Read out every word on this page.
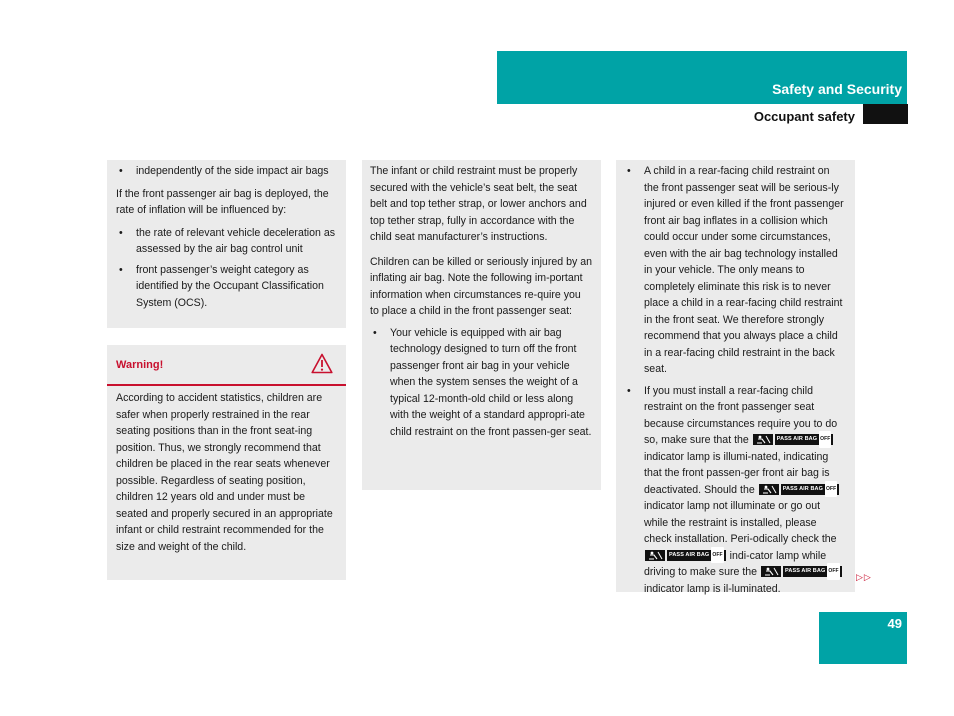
Safety and Security
Occupant safety
• independently of the side impact air bags

If the front passenger air bag is deployed, the rate of inflation will be influenced by:

• the rate of relevant vehicle deceleration as assessed by the air bag control unit
• front passenger’s weight category as identified by the Occupant Classification System (OCS).
Warning!

According to accident statistics, children are safer when properly restrained in the rear seating positions than in the front seat-ing position. Thus, we strongly recommend that children be placed in the rear seats whenever possible. Regardless of seating position, children 12 years old and under must be seated and properly secured in an appropriate infant or child restraint recommended for the size and weight of the child.

The infant or child restraint must be properly secured with the vehicle’s seat belt, the seat belt and top tether strap, or lower anchors and top tether strap, fully in accordance with the child seat manufacturer’s instructions.

Children can be killed or seriously injured by an inflating air bag. Note the following im-portant information when circumstances re-quire you to place a child in the front passenger seat:

• Your vehicle is equipped with air bag technology designed to turn off the front passenger front air bag in your vehicle when the system senses the weight of a typical 12-month-old child or less along with the weight of a standard appropri-ate child restraint on the front passen-ger seat.
• A child in a rear-facing child restraint on the front passenger seat will be serious-ly injured or even killed if the front passenger front air bag inflates in a collision which could occur under some circumstances, even with the air bag technology installed in your vehicle. The only means to completely eliminate this risk is to never place a child in a rear-facing child restraint in the front seat. We therefore strongly recommend that you always place a child in a rear-facing child restraint in the back seat.
• If you must install a rear-facing child restraint on the front passenger seat because circumstances require you to do so, make sure that the	PASS AIR BAG OFF
indicator lamp is illumi-nated, indicating that the front passen-ger front air bag is deactivated. Should the	PASS AIR BAG OFF
indicator lamp not illuminate or go out while the restraint is installed, please check installation. Peri-odically check the
PASS AIR BAG OFF indi-cator lamp while driving to make sure the	PASS AIR BAG OFF
indicator lamp is il-luminated.
▷▷
49
